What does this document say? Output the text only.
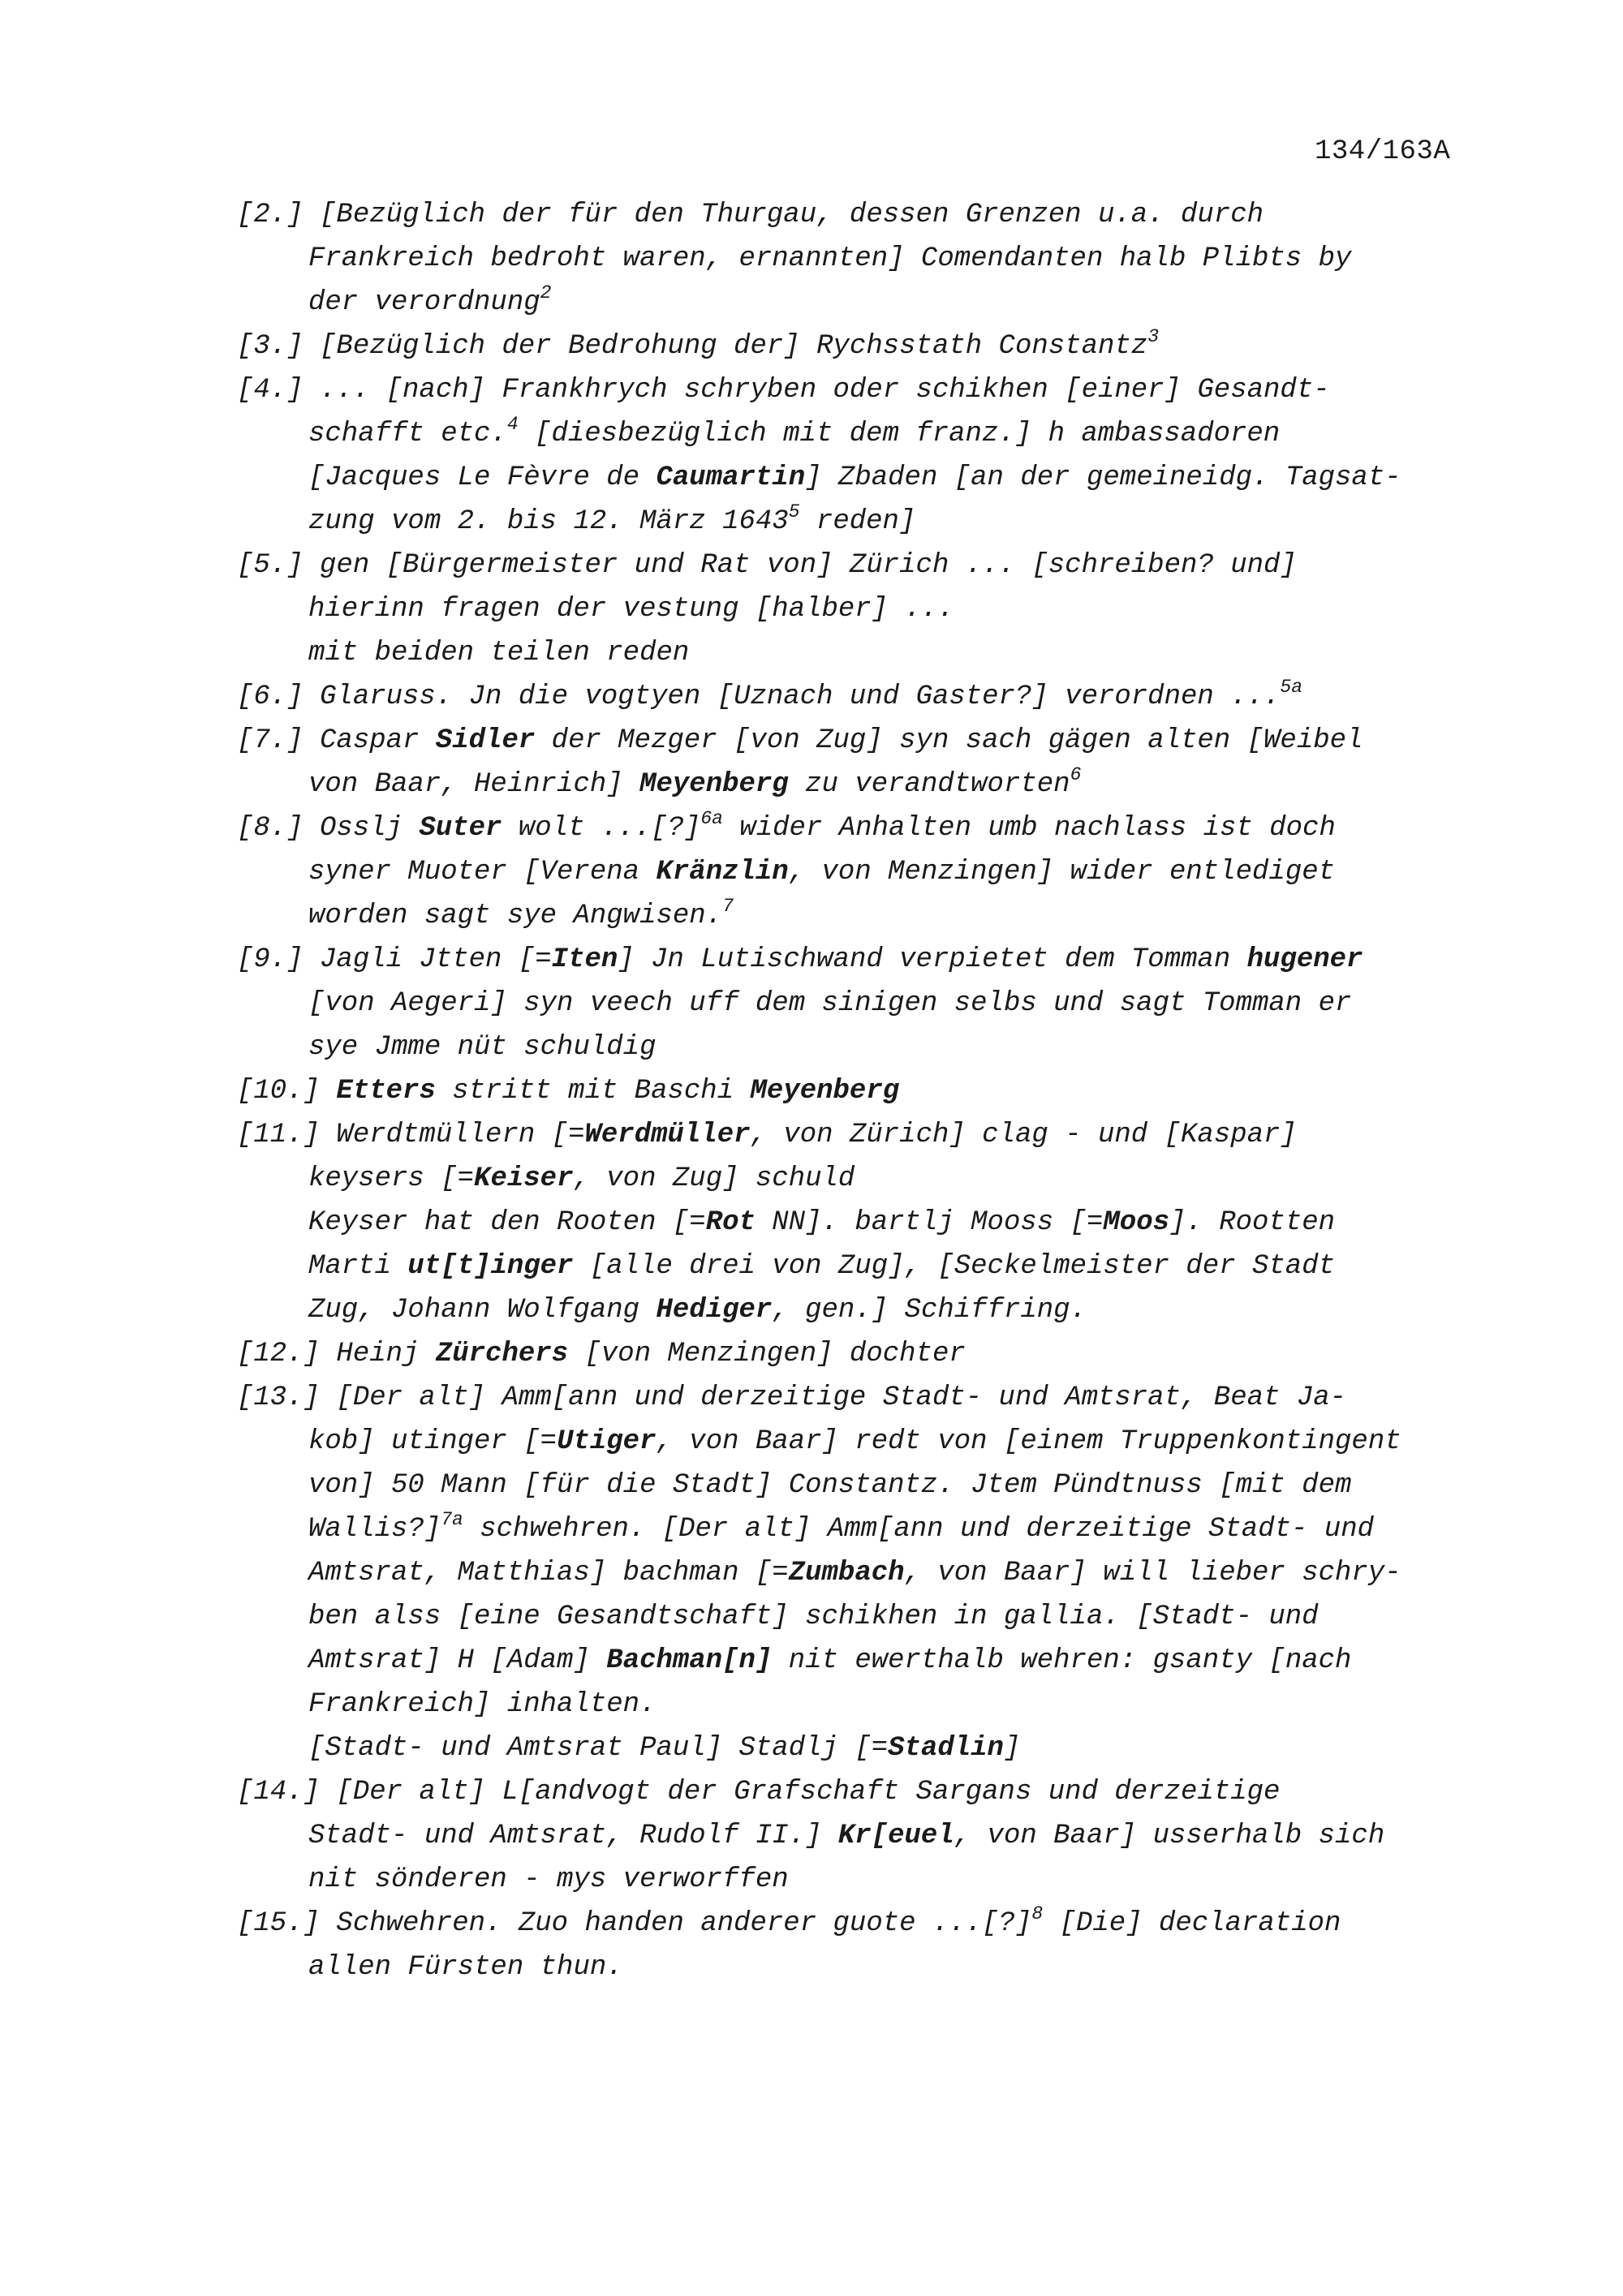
134/163A
[2.] [Bezüglich der für den Thurgau, dessen Grenzen u.a. durch
Frankreich bedroht waren, ernannten] Comendanten halb Plibts by
der verordnung$^2$
[3.] [Bezüglich der Bedrohung der] Rychsstath Constantz$^3$
[4.] ... [nach] Frankhrych schryben oder schikhen [einer] Gesandt-
schafft etc.$^4$ [diesbezüglich mit dem franz.] h ambassadoren
[Jacques Le Fèvre de Caumartin] Zbaden [an der gemeineidg. Tagsat-
zung vom 2. bis 12. März 1643$^5$ reden]
[5.] gen [Bürgermeister und Rat von] Zürich ... [schreiben? und]
hierinn fragen der vestung [halber] ...
mit beiden teilen reden
[6.] Glaruss. Jn die vogtyen [Uznach und Gaster?] verordnen ...$^{5a}$
[7.] Caspar Sidler der Mezger [von Zug] syn sach gägen alten [Weibel
von Baar, Heinrich] Meyenberg zu verandtworten$^6$
[8.] Osslj Suter wolt ...[?]$^{6a}$ wider Anhalten umb nachlass ist doch
syner Muoter [Verena Kränzlin, von Menzingen] wider entlediget
worden sagt sye Angwisen.$^7$
[9.] Jagli Jtten [=Iten] Jn Lutischwand verpietet dem Tomman hugener
[von Aegeri] syn veech uff dem sinigen selbs und sagt Tomman er
sye Jmme nüt schuldig
[10.] Etters stritt mit Baschi Meyenberg
[11.] Werdtmüllern [=Werdmüller, von Zürich] clag - und [Kaspar]
keysers [=Keiser, von Zug] schuld
Keyser hat den Rooten [=Rot NN]. bartlj Mooss [=Moos]. Rootten
Marti ut[t]inger [alle drei von Zug], [Seckelmeister der Stadt
Zug, Johann Wolfgang Hediger, gen.] Schiffring.
[12.] Heinj Zürchers [von Menzingen] dochter
[13.] [Der alt] Amm[ann und derzeitige Stadt- und Amtsrat, Beat Ja-
kob] utinger [=Utiger, von Baar] redt von [einem Truppenkontingent
von] 50 Mann [für die Stadt] Constantz. Jtem Pündtnuss [mit dem
Wallis?]$^{7a}$ schwehren. [Der alt] Amm[ann und derzeitige Stadt- und
Amtsrat, Matthias] bachman [=Zumbach, von Baar] will lieber schry-
ben alss [eine Gesandtschaft] schikhen in gallia. [Stadt- und
Amtsrat] H [Adam] Bachman[n] nit ewerthalb wehren: gsanty [nach
Frankreich] inhalten.
[Stadt- und Amtsrat Paul] Stadlj [=Stadlin]
[14.] [Der alt] L[andvogt der Grafschaft Sargans und derzeitige
Stadt- und Amtsrat, Rudolf II.] Kr[euel, von Baar] usserhalb sich
nit sönderen - mys verworffen
[15.] Schwehren. Zuo handen anderer guote ...[?]$^8$ [Die] declaration
allen Fürsten thun.
